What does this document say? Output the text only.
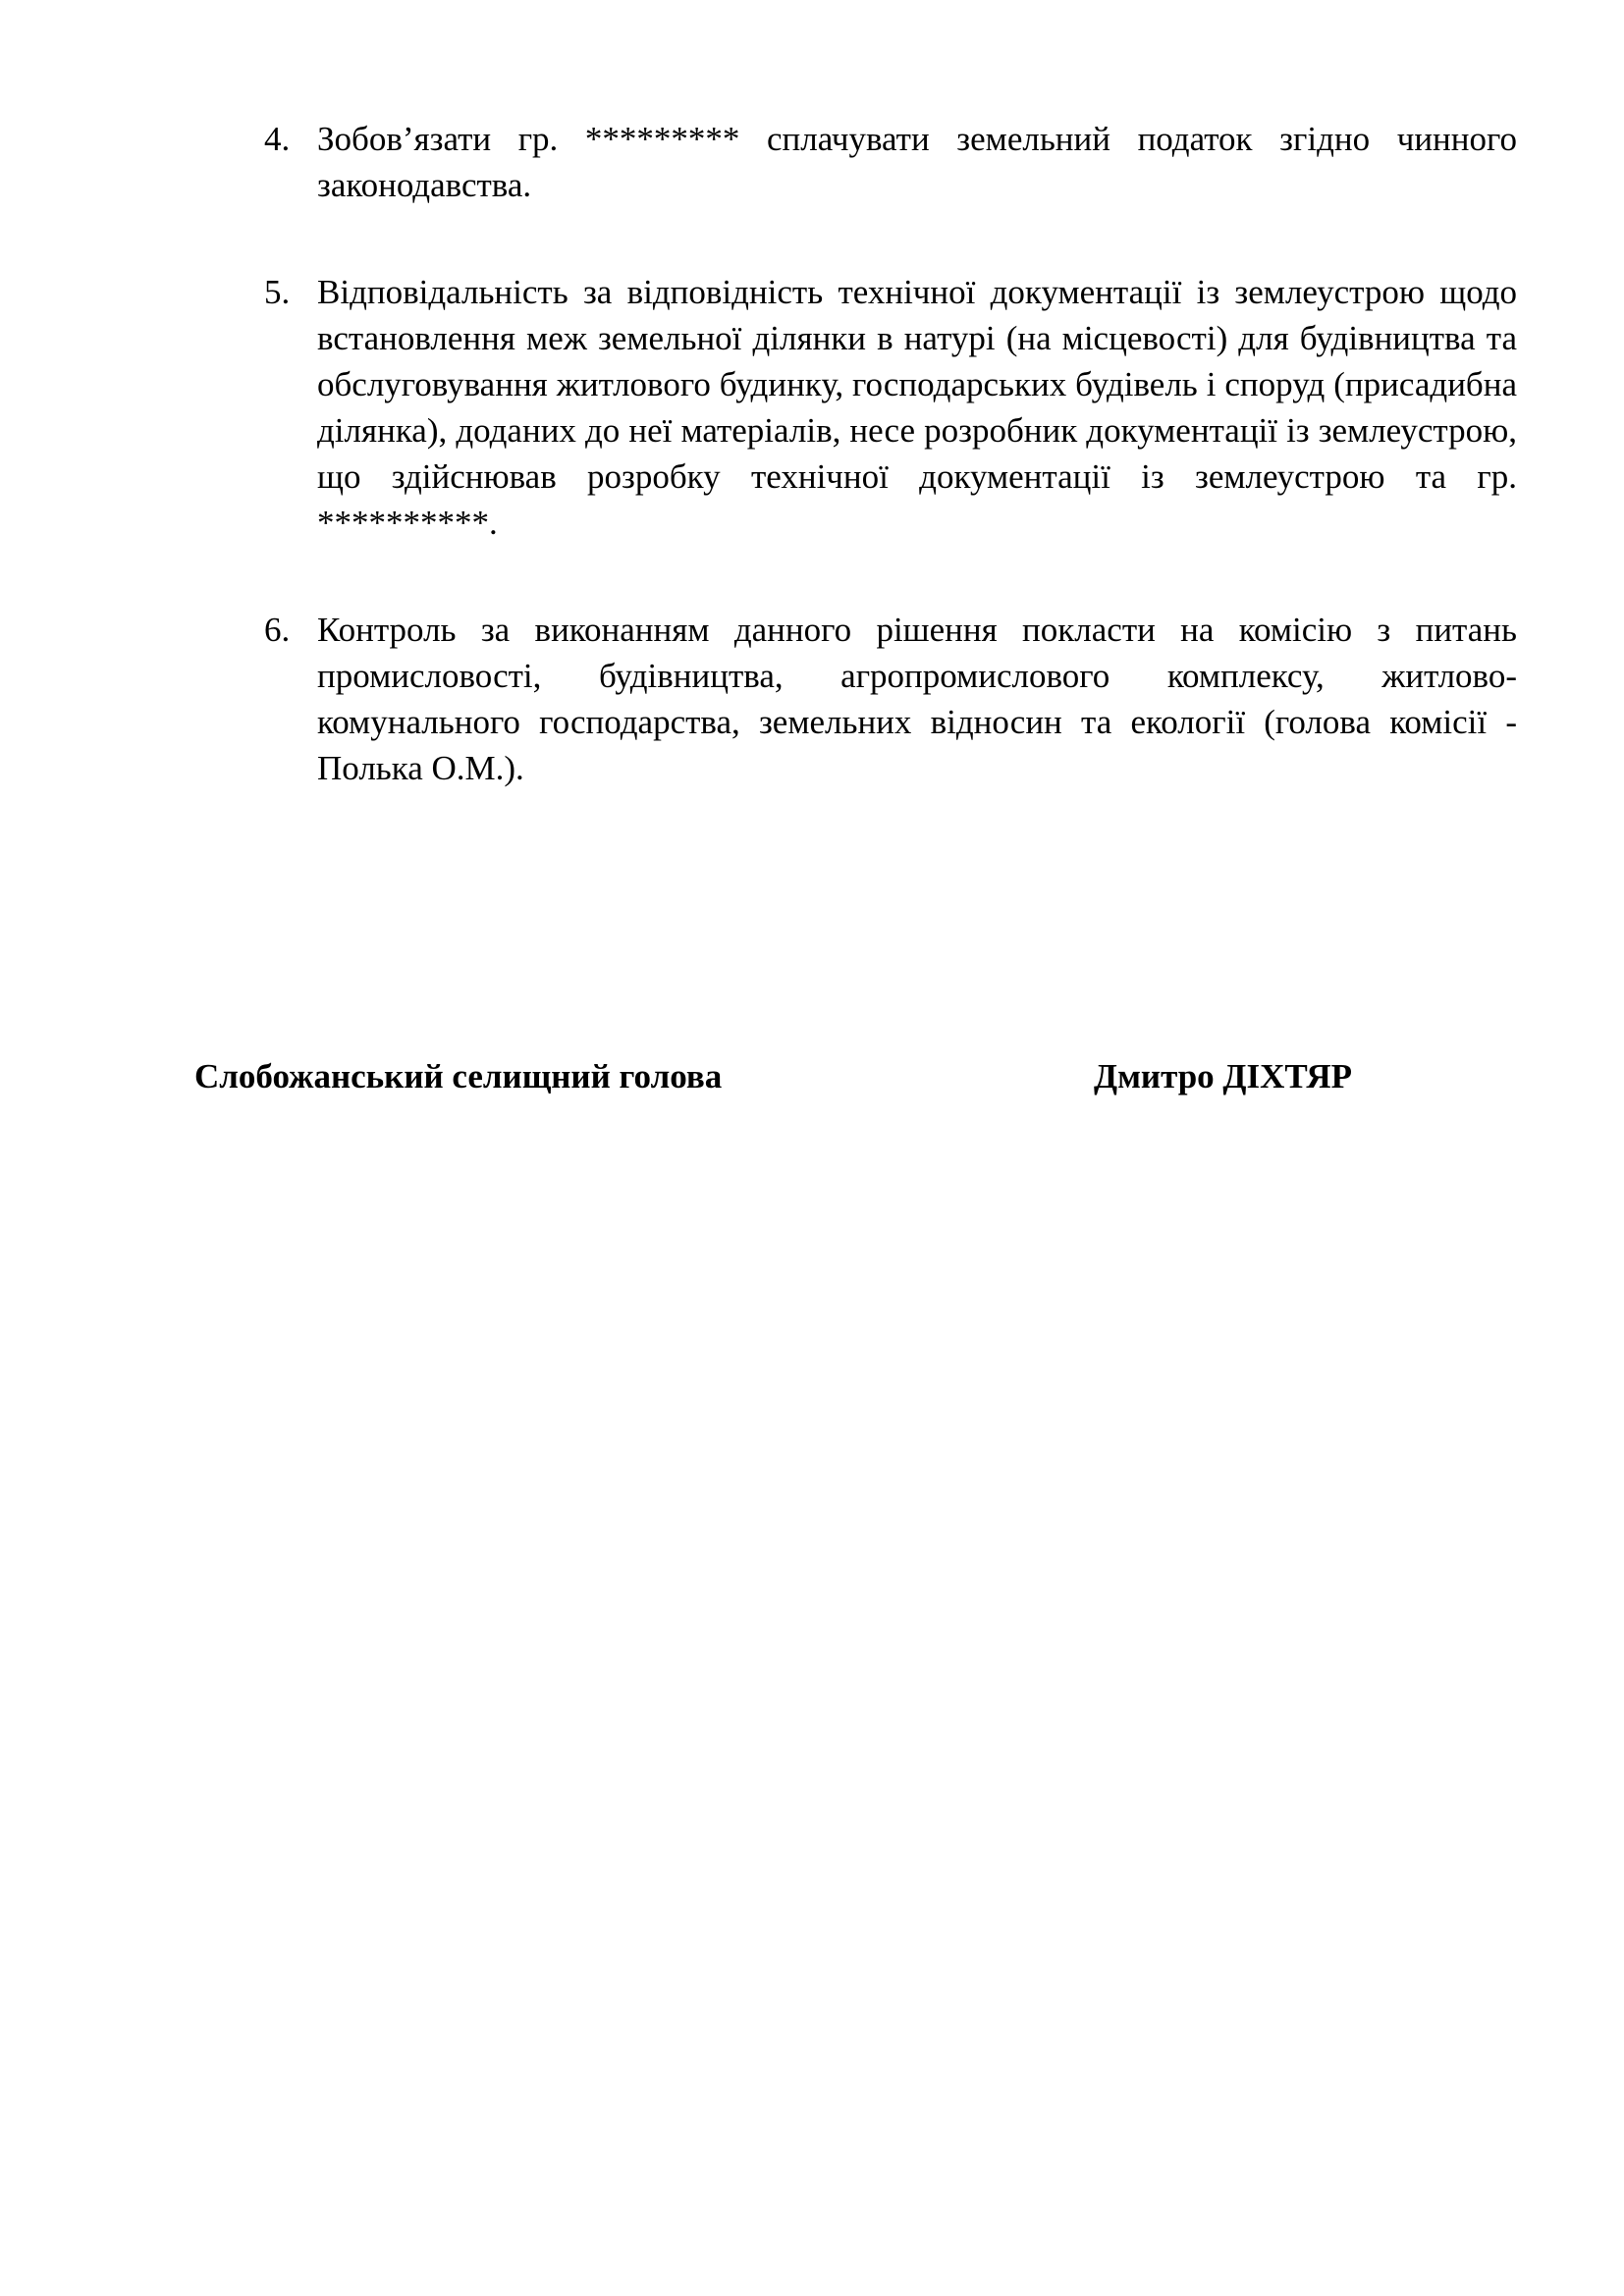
4. Зобов’язати гр. ********* сплачувати земельний податок згідно чинного законодавства.
5. Відповідальність за відповідність технічної документації із землеустрою щодо встановлення меж земельної ділянки в натурі (на місцевості) для будівництва та обслуговування житлового будинку, господарських будівель і споруд (присадибна ділянка), доданих до неї матеріалів, несе розробник документації із землеустрою, що здійснював розробку технічної документації із землеустрою та гр. **********.
6. Контроль за виконанням данного рішення покласти на комісію з питань промисловості, будівництва, агропромислового комплексу, житлово-комунального господарства, земельних відносин та екології (голова комісії - Полька О.М.).
Слобожанський селищний голова	Дмитро ДІХТЯР
